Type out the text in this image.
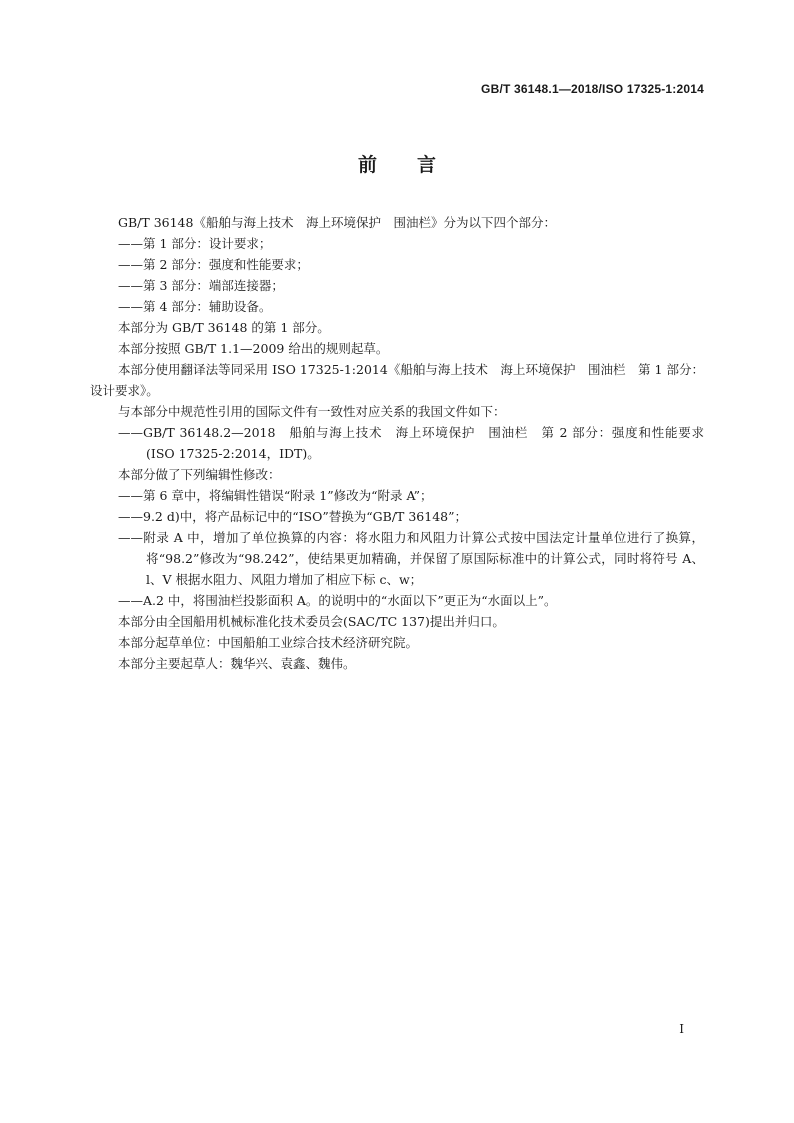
GB/T 36148.1—2018/ISO 17325-1:2014
前言

GB/T 36148《船舶与海上技术　海上环境保护　围油栏》分为以下四个部分：

——第 1 部分：设计要求；

——第 2 部分：强度和性能要求；

——第 3 部分：端部连接器；

——第 4 部分：辅助设备。

本部分为 GB/T 36148 的第 1 部分。

本部分按照 GB/T 1.1—2009 给出的规则起草。

本部分使用翻译法等同采用 ISO 17325-1:2014《船舶与海上技术　海上环境保护　围油栏　第 1 部分：设计要求》。

与本部分中规范性引用的国际文件有一致性对应关系的我国文件如下：

——GB/T 36148.2—2018　船舶与海上技术　海上环境保护　围油栏　第 2 部分：强度和性能要求(ISO 17325-2:2014，IDT)。

本部分做了下列编辑性修改：

——第 6 章中，将编辑性错误“附录 1”修改为“附录 A”；

——9.2 d)中，将产品标记中的“ISO”替换为“GB/T 36148”；

——附录 A 中，增加了单位换算的内容：将水阻力和风阻力计算公式按中国法定计量单位进行了换算，将“98.2”修改为“98.242”，使结果更加精确，并保留了原国际标准中的计算公式，同时将符号 A、l、V 根据水阻力、风阻力增加了相应下标 c、w；

——A.2 中，将围油栏投影面积 A。的说明中的“水面以下”更正为“水面以上”。

本部分由全国船用机械标准化技术委员会(SAC/TC 137)提出并归口。

本部分起草单位：中国船舶工业综合技术经济研究院。

本部分主要起草人：魏华兴、袁鑫、魏伟。

I
